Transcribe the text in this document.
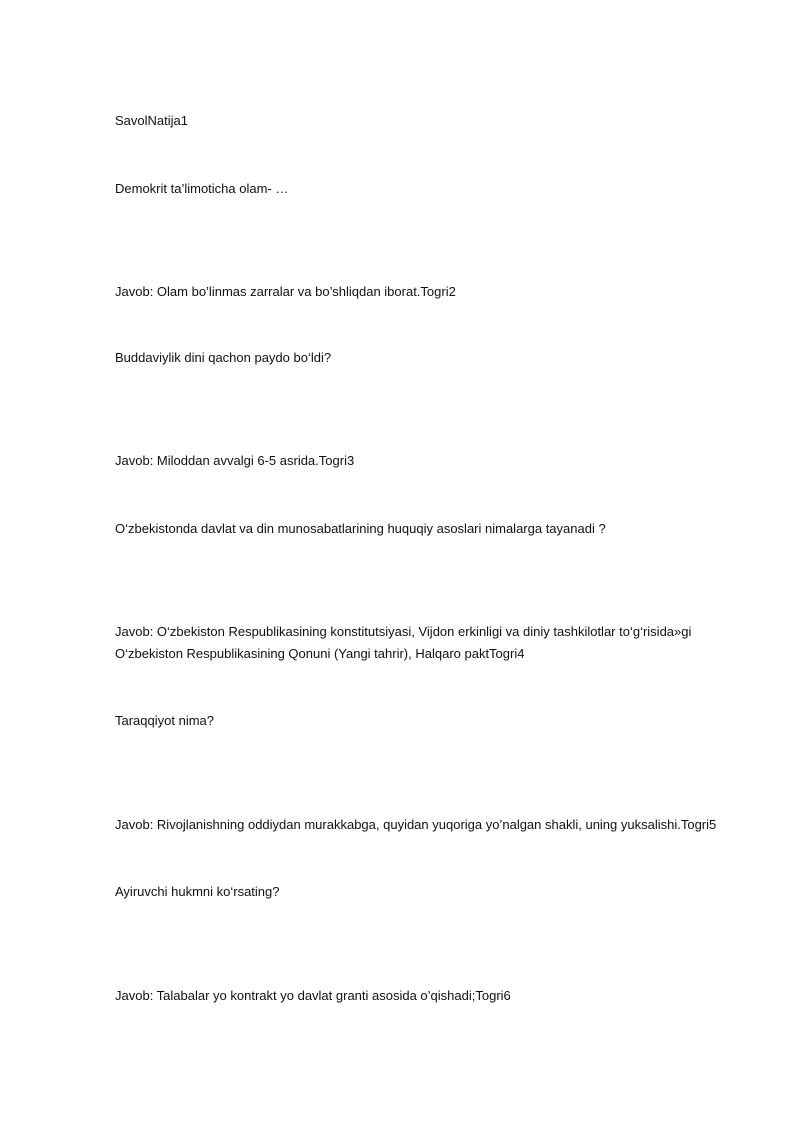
SavolNatija1
Demokrit ta’limoticha olam- …
Javob: Olam bo’linmas zarralar va bo’shliqdan iborat.Togri2
Buddaviylik dini qachon paydo bo‘ldi?
Javob: Miloddan avvalgi 6-5 asrida.Togri3
O‘zbekistonda davlat va din munosabatlarining huquqiy asoslari nimalarga tayanadi ?
Javob: O‘zbekiston Respublikasining konstitutsiyasi, Vijdon erkinligi va diniy tashkilotlar to‘g‘risida»gi O‘zbekiston Respublikasining Qonuni (Yangi tahrir), Halqaro paktTogri4
Taraqqiyot nima?
Javob: Rivojlanishning oddiydan murakkabga, quyidan yuqoriga yo’nalgan shakli, uning yuksalishi.Togri5
Ayiruvchi hukmni ko‘rsating?
Javob: Talabalar yo kontrakt yo davlat granti asosida o’qishadi;Togri6
